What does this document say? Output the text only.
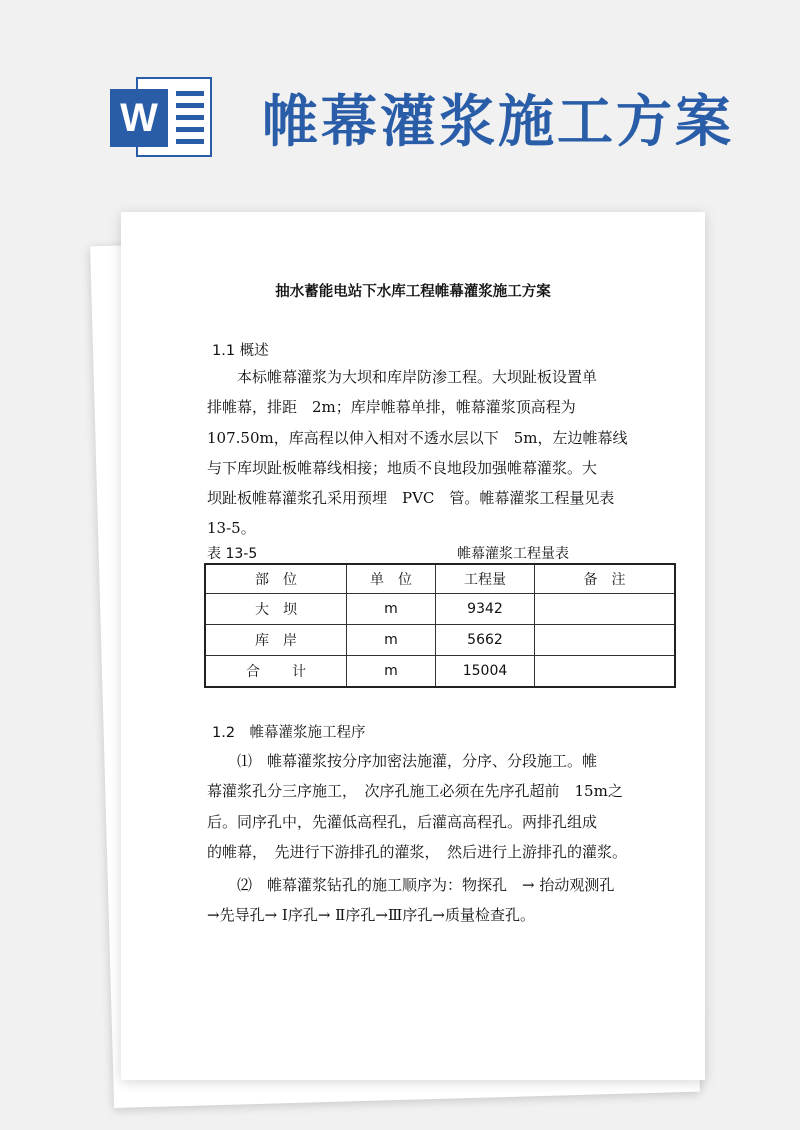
W 帷幕灌浆施工方案
抽水蓄能电站下水库工程帷幕灌浆施工方案
1.1 概述
本标帷幕灌浆为大坝和库岸防渗工程。大坝趾板设置单
排帷幕，排距　2m；库岸帷幕单排，帷幕灌浆顶高程为
107.50m，库高程以伸入相对不透水层以下　5m，左边帷幕线
与下库坝趾板帷幕线相接；地质不良地段加强帷幕灌浆。大
坝趾板帷幕灌浆孔采用预埋　PVC　管。帷幕灌浆工程量见表
13-5。
表 13-5	帷幕灌浆工程量表
部　位	单　位	工程量	备　注
大坝	m	9342	
库岸	m	5662	
合计	m	15004	
1.2　帷幕灌浆施工程序
⑴　帷幕灌浆按分序加密法施灌，分序、分段施工。帷
幕灌浆孔分三序施工，　次序孔施工必须在先序孔超前　15m之
后。同序孔中，先灌低高程孔，后灌高高程孔。两排孔组成
的帷幕，　先进行下游排孔的灌浆，　然后进行上游排孔的灌浆。
⑵　帷幕灌浆钻孔的施工顺序为：物探孔　→ 抬动观测孔
→先导孔→ Ⅰ序孔→ Ⅱ序孔→Ⅲ序孔→质量检查孔。
